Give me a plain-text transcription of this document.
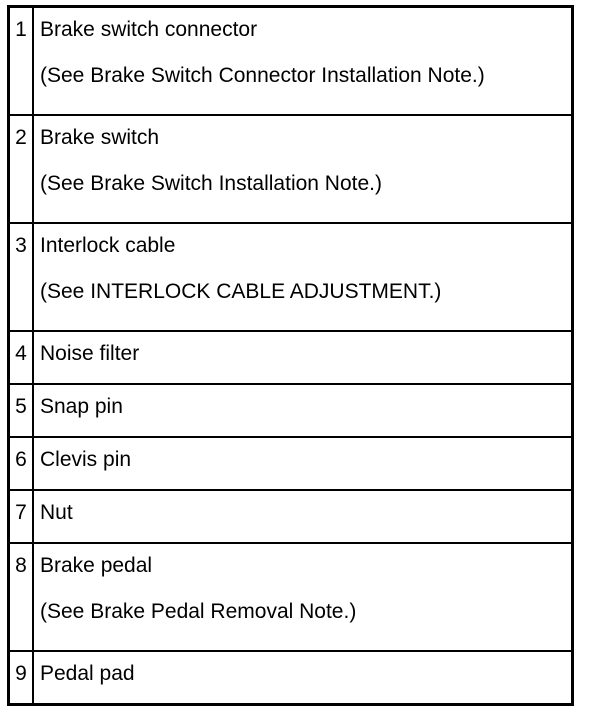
1	Brake switch connector
(See Brake Switch Connector Installation Note.)

2	Brake switch
(See Brake Switch Installation Note.)

3	Interlock cable
(See INTERLOCK CABLE ADJUSTMENT.)

4	Noise filter

5	Snap pin

6	Clevis pin

7	Nut

8	Brake pedal
(See Brake Pedal Removal Note.)

9	Pedal pad
